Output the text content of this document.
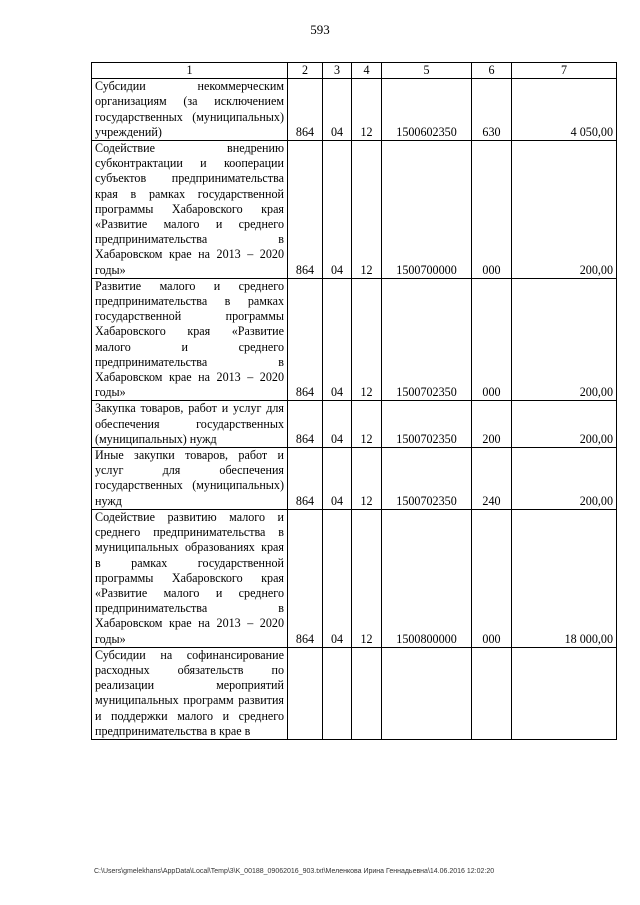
593
1	2	3	4	5	6	7
Субсидии некоммерческим организациям (за исключением государственных (муниципальных) учреждений)	864	04	12	1500602350	630	4 050,00
Содействие внедрению субконтрактации и кооперации субъектов предпринимательства края в рамках государственной программы Хабаровского края «Развитие малого и среднего предпринимательства в Хабаровском крае на 2013 – 2020 годы»	864	04	12	1500700000	000	200,00
Развитие малого и среднего предпринимательства в рамках государственной программы Хабаровского края «Развитие малого и среднего предпринимательства в Хабаровском крае на 2013 – 2020 годы»	864	04	12	1500702350	000	200,00
Закупка товаров, работ и услуг для обеспечения государственных (муниципальных) нужд	864	04	12	1500702350	200	200,00
Иные закупки товаров, работ и услуг для обеспечения государственных (муниципальных) нужд	864	04	12	1500702350	240	200,00
Содействие развитию малого и среднего предпринимательства в муниципальных образованиях края в рамках государственной программы Хабаровского края «Развитие малого и среднего предпринимательства в Хабаровском крае на 2013 – 2020 годы»	864	04	12	1500800000	000	18 000,00
Субсидии на софинансирование расходных обязательств по реализации мероприятий муниципальных программ развития и поддержки малого и среднего предпринимательства в крае в						
C:\Users\gmelekhans\AppData\Local\Temp\3\K_00188_09062016_903.txt\Меленкова Ирина Геннадьевна\14.06.2016 12:02:20
